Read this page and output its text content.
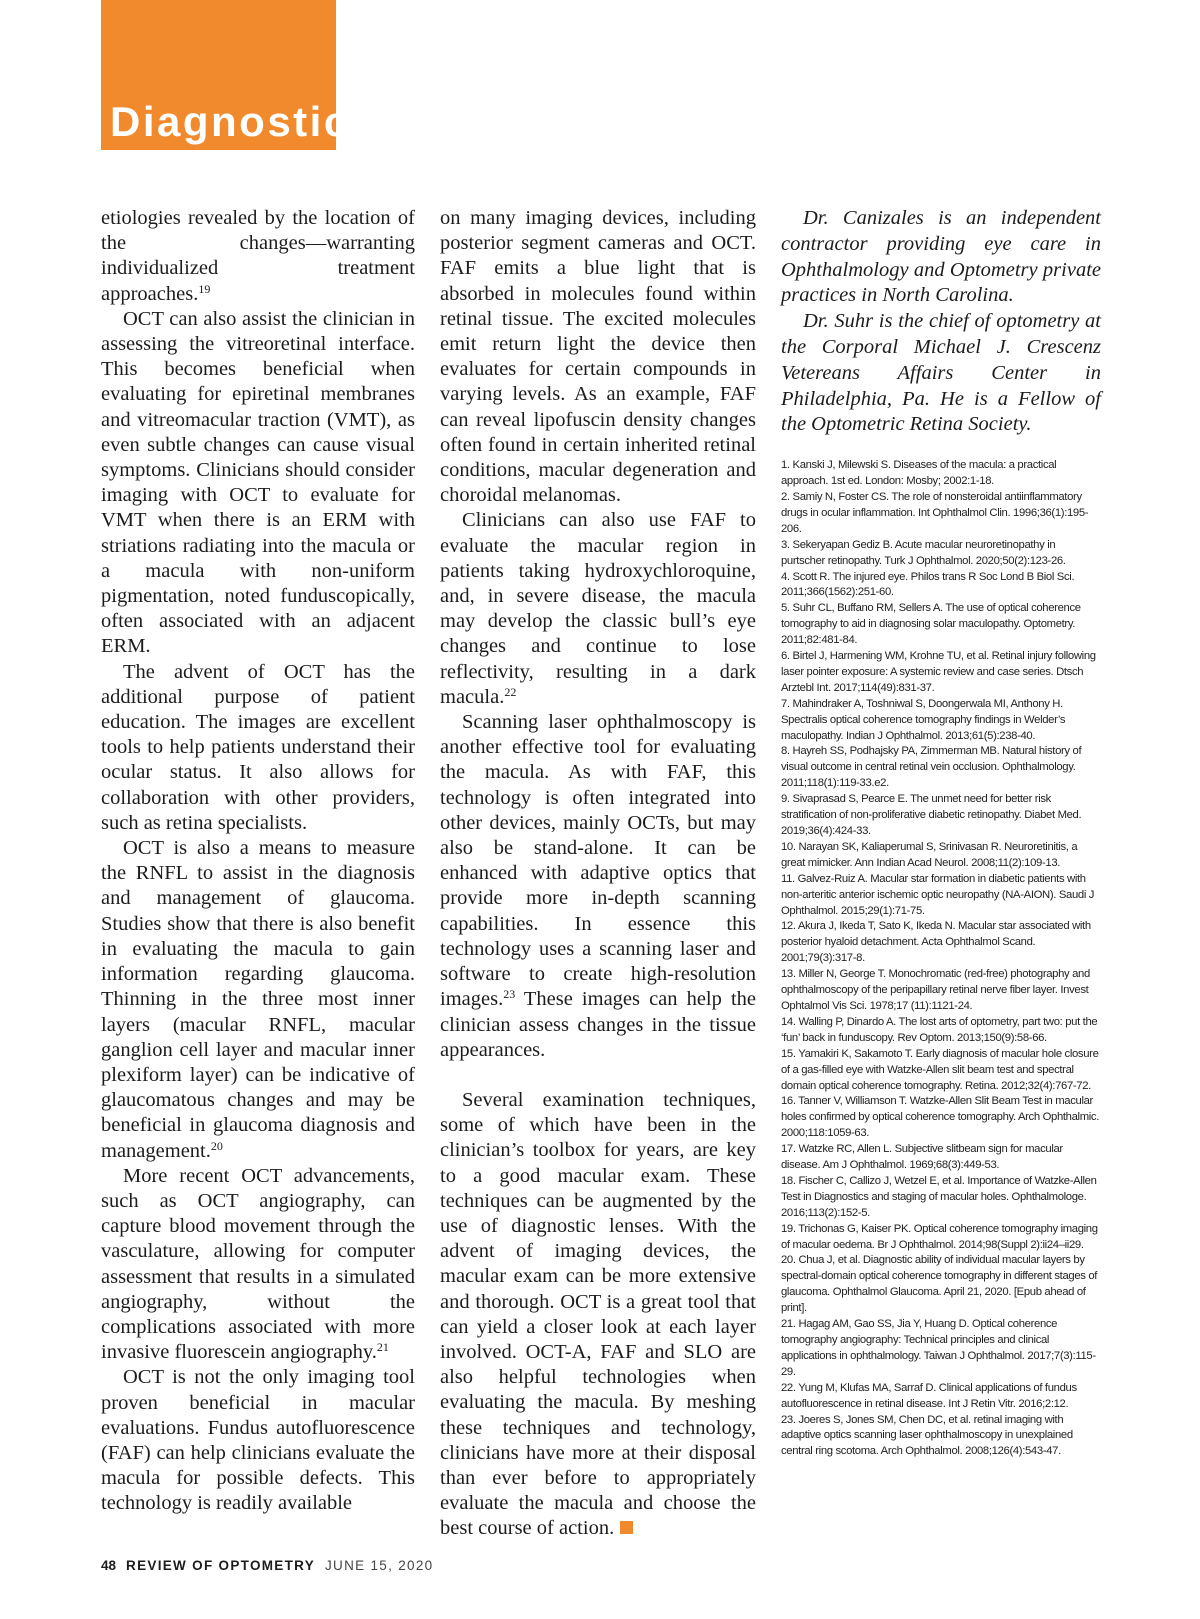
Diagnostics

etiologies revealed by the location of the changes—warranting individualized treatment approaches.$^{19}$

OCT can also assist the clinician in assessing the vitreoretinal interface. This becomes beneficial when evaluating for epiretinal membranes and vitreomacular traction (VMT), as even subtle changes can cause visual symptoms. Clinicians should consider imaging with OCT to evaluate for VMT when there is an ERM with striations radiating into the macula or a macula with non-uniform pigmentation, noted funduscopically, often associated with an adjacent ERM.

The advent of OCT has the additional purpose of patient education. The images are excellent tools to help patients understand their ocular status. It also allows for collaboration with other providers, such as retina specialists.

OCT is also a means to measure the RNFL to assist in the diagnosis and management of glaucoma. Studies show that there is also benefit in evaluating the macula to gain information regarding glaucoma. Thinning in the three most inner layers (macular RNFL, macular ganglion cell layer and macular inner plexiform layer) can be indicative of glaucomatous changes and may be beneficial in glaucoma diagnosis and management.$^{20}$

More recent OCT advancements, such as OCT angiography, can capture blood movement through the vasculature, allowing for computer assessment that results in a simulated angiography, without the complications associated with more invasive fluorescein angiography.$^{21}$

OCT is not the only imaging tool proven beneficial in macular evaluations. Fundus autofluorescence (FAF) can help clinicians evaluate the macula for possible defects. This technology is readily available

on many imaging devices, including posterior segment cameras and OCT. FAF emits a blue light that is absorbed in molecules found within retinal tissue. The excited molecules emit return light the device then evaluates for certain compounds in varying levels. As an example, FAF can reveal lipofuscin density changes often found in certain inherited retinal conditions, macular degeneration and choroidal melanomas.

Clinicians can also use FAF to evaluate the macular region in patients taking hydroxychloroquine, and, in severe disease, the macula may develop the classic bull’s eye changes and continue to lose reflectivity, resulting in a dark macula.$^{22}$

Scanning laser ophthalmoscopy is another effective tool for evaluating the macula. As with FAF, this technology is often integrated into other devices, mainly OCTs, but may also be stand-alone. It can be enhanced with adaptive optics that provide more in-depth scanning capabilities. In essence this technology uses a scanning laser and software to create high-resolution images.$^{23}$ These images can help the clinician assess changes in the tissue appearances.

Several examination techniques, some of which have been in the clinician’s toolbox for years, are key to a good macular exam. These techniques can be augmented by the use of diagnostic lenses. With the advent of imaging devices, the macular exam can be more extensive and thorough. OCT is a great tool that can yield a closer look at each layer involved. OCT-A, FAF and SLO are also helpful technologies when evaluating the macula. By meshing these techniques and technology, clinicians have more at their disposal than ever before to appropriately evaluate the macula and choose the best course of action.

Dr. Canizales is an independent contractor providing eye care in Ophthalmology and Optometry private practices in North Carolina.

Dr. Suhr is the chief of optometry at the Corporal Michael J. Crescenz Vetereans Affairs Center in Philadelphia, Pa. He is a Fellow of the Optometric Retina Society.

1. Kanski J, Milewski S. Diseases of the macula: a practical approach. 1st ed. London: Mosby; 2002:1-18.
2. Samiy N, Foster CS. The role of nonsteroidal antiinflammatory drugs in ocular inflammation. Int Ophthalmol Clin. 1996;36(1):195-206.
3. Sekeryapan Gediz B. Acute macular neuroretinopathy in purtscher retinopathy. Turk J Ophthalmol. 2020;50(2):123-26.
4. Scott R. The injured eye. Philos trans R Soc Lond B Biol Sci. 2011;366(1562):251-60.
5. Suhr CL, Buffano RM, Sellers A. The use of optical coherence tomography to aid in diagnosing solar maculopathy. Optometry. 2011;82:481-84.
6. Birtel J, Harmening WM, Krohne TU, et al. Retinal injury following laser pointer exposure: A systemic review and case series. Dtsch Arztebl Int. 2017;114(49):831-37.
7. Mahindraker A, Toshniwal S, Doongerwala MI, Anthony H. Spectralis optical coherence tomography findings in Welder’s maculopathy. Indian J Ophthalmol. 2013;61(5):238-40.
8. Hayreh SS, Podhajsky PA, Zimmerman MB. Natural history of visual outcome in central retinal vein occlusion. Ophthalmology. 2011;118(1):119-33.e2.
9. Sivaprasad S, Pearce E. The unmet need for better risk stratification of non-proliferative diabetic retinopathy. Diabet Med. 2019;36(4):424-33.
10. Narayan SK, Kaliaperumal S, Srinivasan R. Neuroretinitis, a great mimicker. Ann Indian Acad Neurol. 2008;11(2):109-13.
11. Galvez-Ruiz A. Macular star formation in diabetic patients with non-arteritic anterior ischemic optic neuropathy (NA-AION). Saudi J Ophthalmol. 2015;29(1):71-75.
12. Akura J, Ikeda T, Sato K, Ikeda N. Macular star associated with posterior hyaloid detachment. Acta Ophthalmol Scand. 2001;79(3):317-8.
13. Miller N, George T. Monochromatic (red-free) photography and ophthalmoscopy of the peripapillary retinal nerve fiber layer. Invest Ophtalmol Vis Sci. 1978;17 (11):1121-24.
14. Walling P, Dinardo A. The lost arts of optometry, part two: put the ‘fun’ back in funduscopy. Rev Optom. 2013;150(9):58-66.
15. Yamakiri K, Sakamoto T. Early diagnosis of macular hole closure of a gas-filled eye with Watzke-Allen slit beam test and spectral domain optical coherence tomography. Retina. 2012;32(4):767-72.
16. Tanner V, Williamson T. Watzke-Allen Slit Beam Test in macular holes confirmed by optical coherence tomography. Arch Ophthalmic. 2000;118:1059-63.
17. Watzke RC, Allen L. Subjective slitbeam sign for macular disease. Am J Ophthalmol. 1969;68(3):449-53.
18. Fischer C, Callizo J, Wetzel E, et al. Importance of Watzke-Allen Test in Diagnostics and staging of macular holes. Ophthalmologe. 2016;113(2):152-5.
19. Trichonas G, Kaiser PK. Optical coherence tomography imaging of macular oedema. Br J Ophthalmol. 2014;98(Suppl 2):ii24–ii29.
20. Chua J, et al. Diagnostic ability of individual macular layers by spectral-domain optical coherence tomography in different stages of glaucoma. Ophthalmol Glaucoma. April 21, 2020. [Epub ahead of print].
21. Hagag AM, Gao SS, Jia Y, Huang D. Optical coherence tomography angiography: Technical principles and clinical applications in ophthalmology. Taiwan J Ophthalmol. 2017;7(3):115-29.
22. Yung M, Klufas MA, Sarraf D. Clinical applications of fundus autofluorescence in retinal disease. Int J Retin Vitr. 2016;2:12.
23. Joeres S, Jones SM, Chen DC, et al. retinal imaging with adaptive optics scanning laser ophthalmoscopy in unexplained central ring scotoma. Arch Ophthalmol. 2008;126(4):543-47.
48 REVIEW OF OPTOMETRY JUNE 15, 2020
